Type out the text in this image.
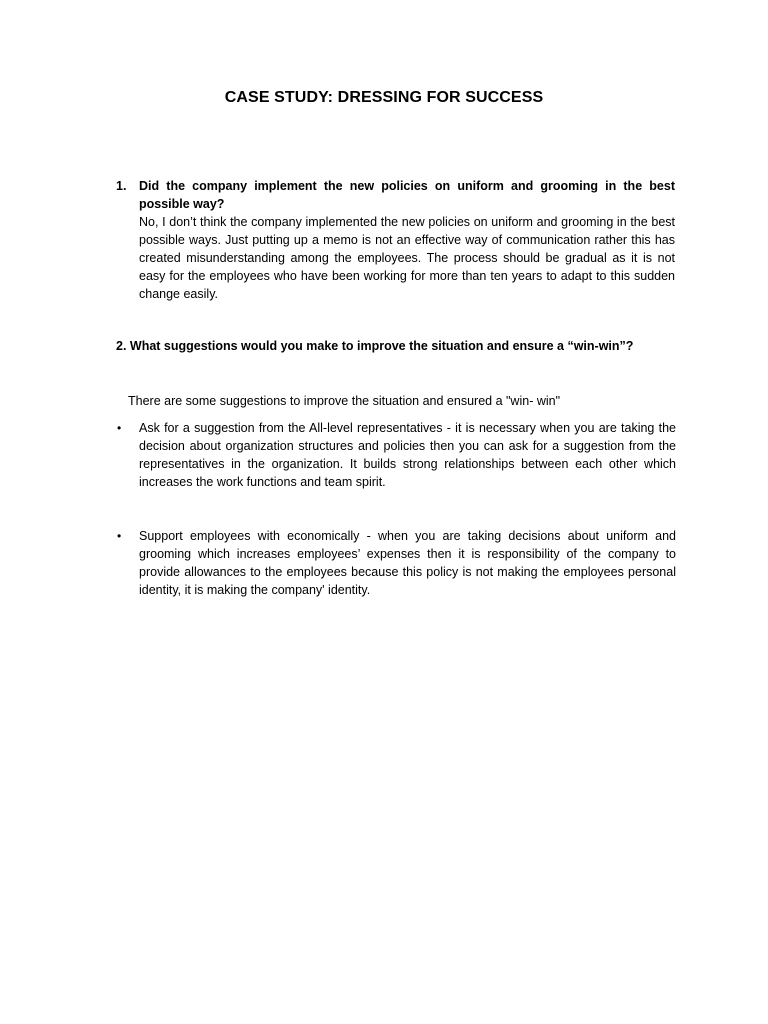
CASE STUDY: DRESSING FOR SUCCESS
1. Did the company implement the new policies on uniform and grooming in the best possible way?
No, I don’t think the company implemented the new policies on uniform and grooming in the best possible ways. Just putting up a memo is not an effective way of communication rather this has created misunderstanding among the employees. The process should be gradual as it is not easy for the employees who have been working for more than ten years to adapt to this sudden change easily.
2. What suggestions would you make to improve the situation and ensure a “win-win”?
There are some suggestions to improve the situation and ensured a "win- win"
• Ask for a suggestion from the All-level representatives - it is necessary when you are taking the decision about organization structures and policies then you can ask for a suggestion from the representatives in the organization. It builds strong relationships between each other which increases the work functions and team spirit.
• Support employees with economically - when you are taking decisions about uniform and grooming which increases employees’ expenses then it is responsibility of the company to provide allowances to the employees because this policy is not making the employees personal identity, it is making the company' identity.
